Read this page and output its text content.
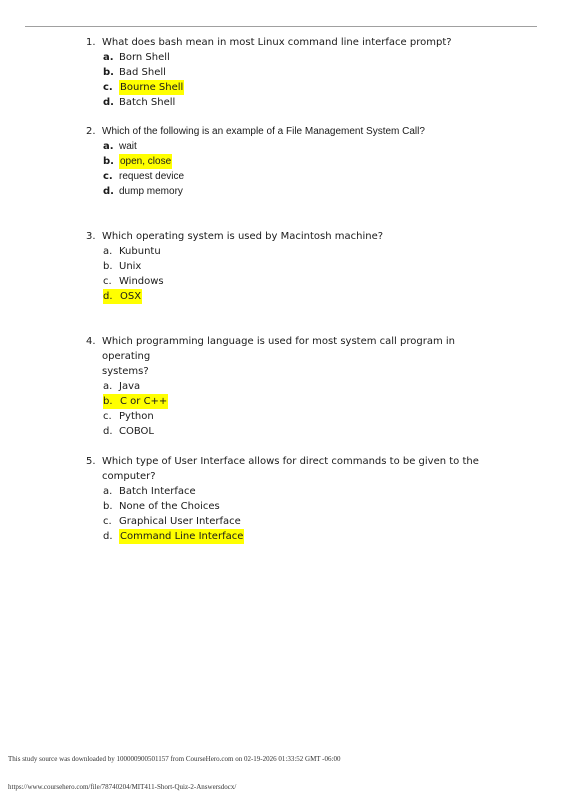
1. What does bash mean in most Linux command line interface prompt?
a. Born Shell
b. Bad Shell
c. Bourne Shell
d. Batch Shell
2. Which of the following is an example of a File Management System Call?
a. wait
b. open, close
c. request device
d. dump memory
3. Which operating system is used by Macintosh machine?
a. Kubuntu
b. Unix
c. Windows
d. OSX
4. Which programming language is used for most system call program in operating
systems?
a. Java
b. C or C++
c. Python
d. COBOL
5. Which type of User Interface allows for direct commands to be given to the
computer?
a. Batch Interface
b. None of the Choices
c. Graphical User Interface
d. Command Line Interface
This study source was downloaded by 100000900501157 from CourseHero.com on 02-19-2026 01:33:52 GMT -06:00
https://www.coursehero.com/file/78740204/MIT411-Short-Quiz-2-Answersdocx/
